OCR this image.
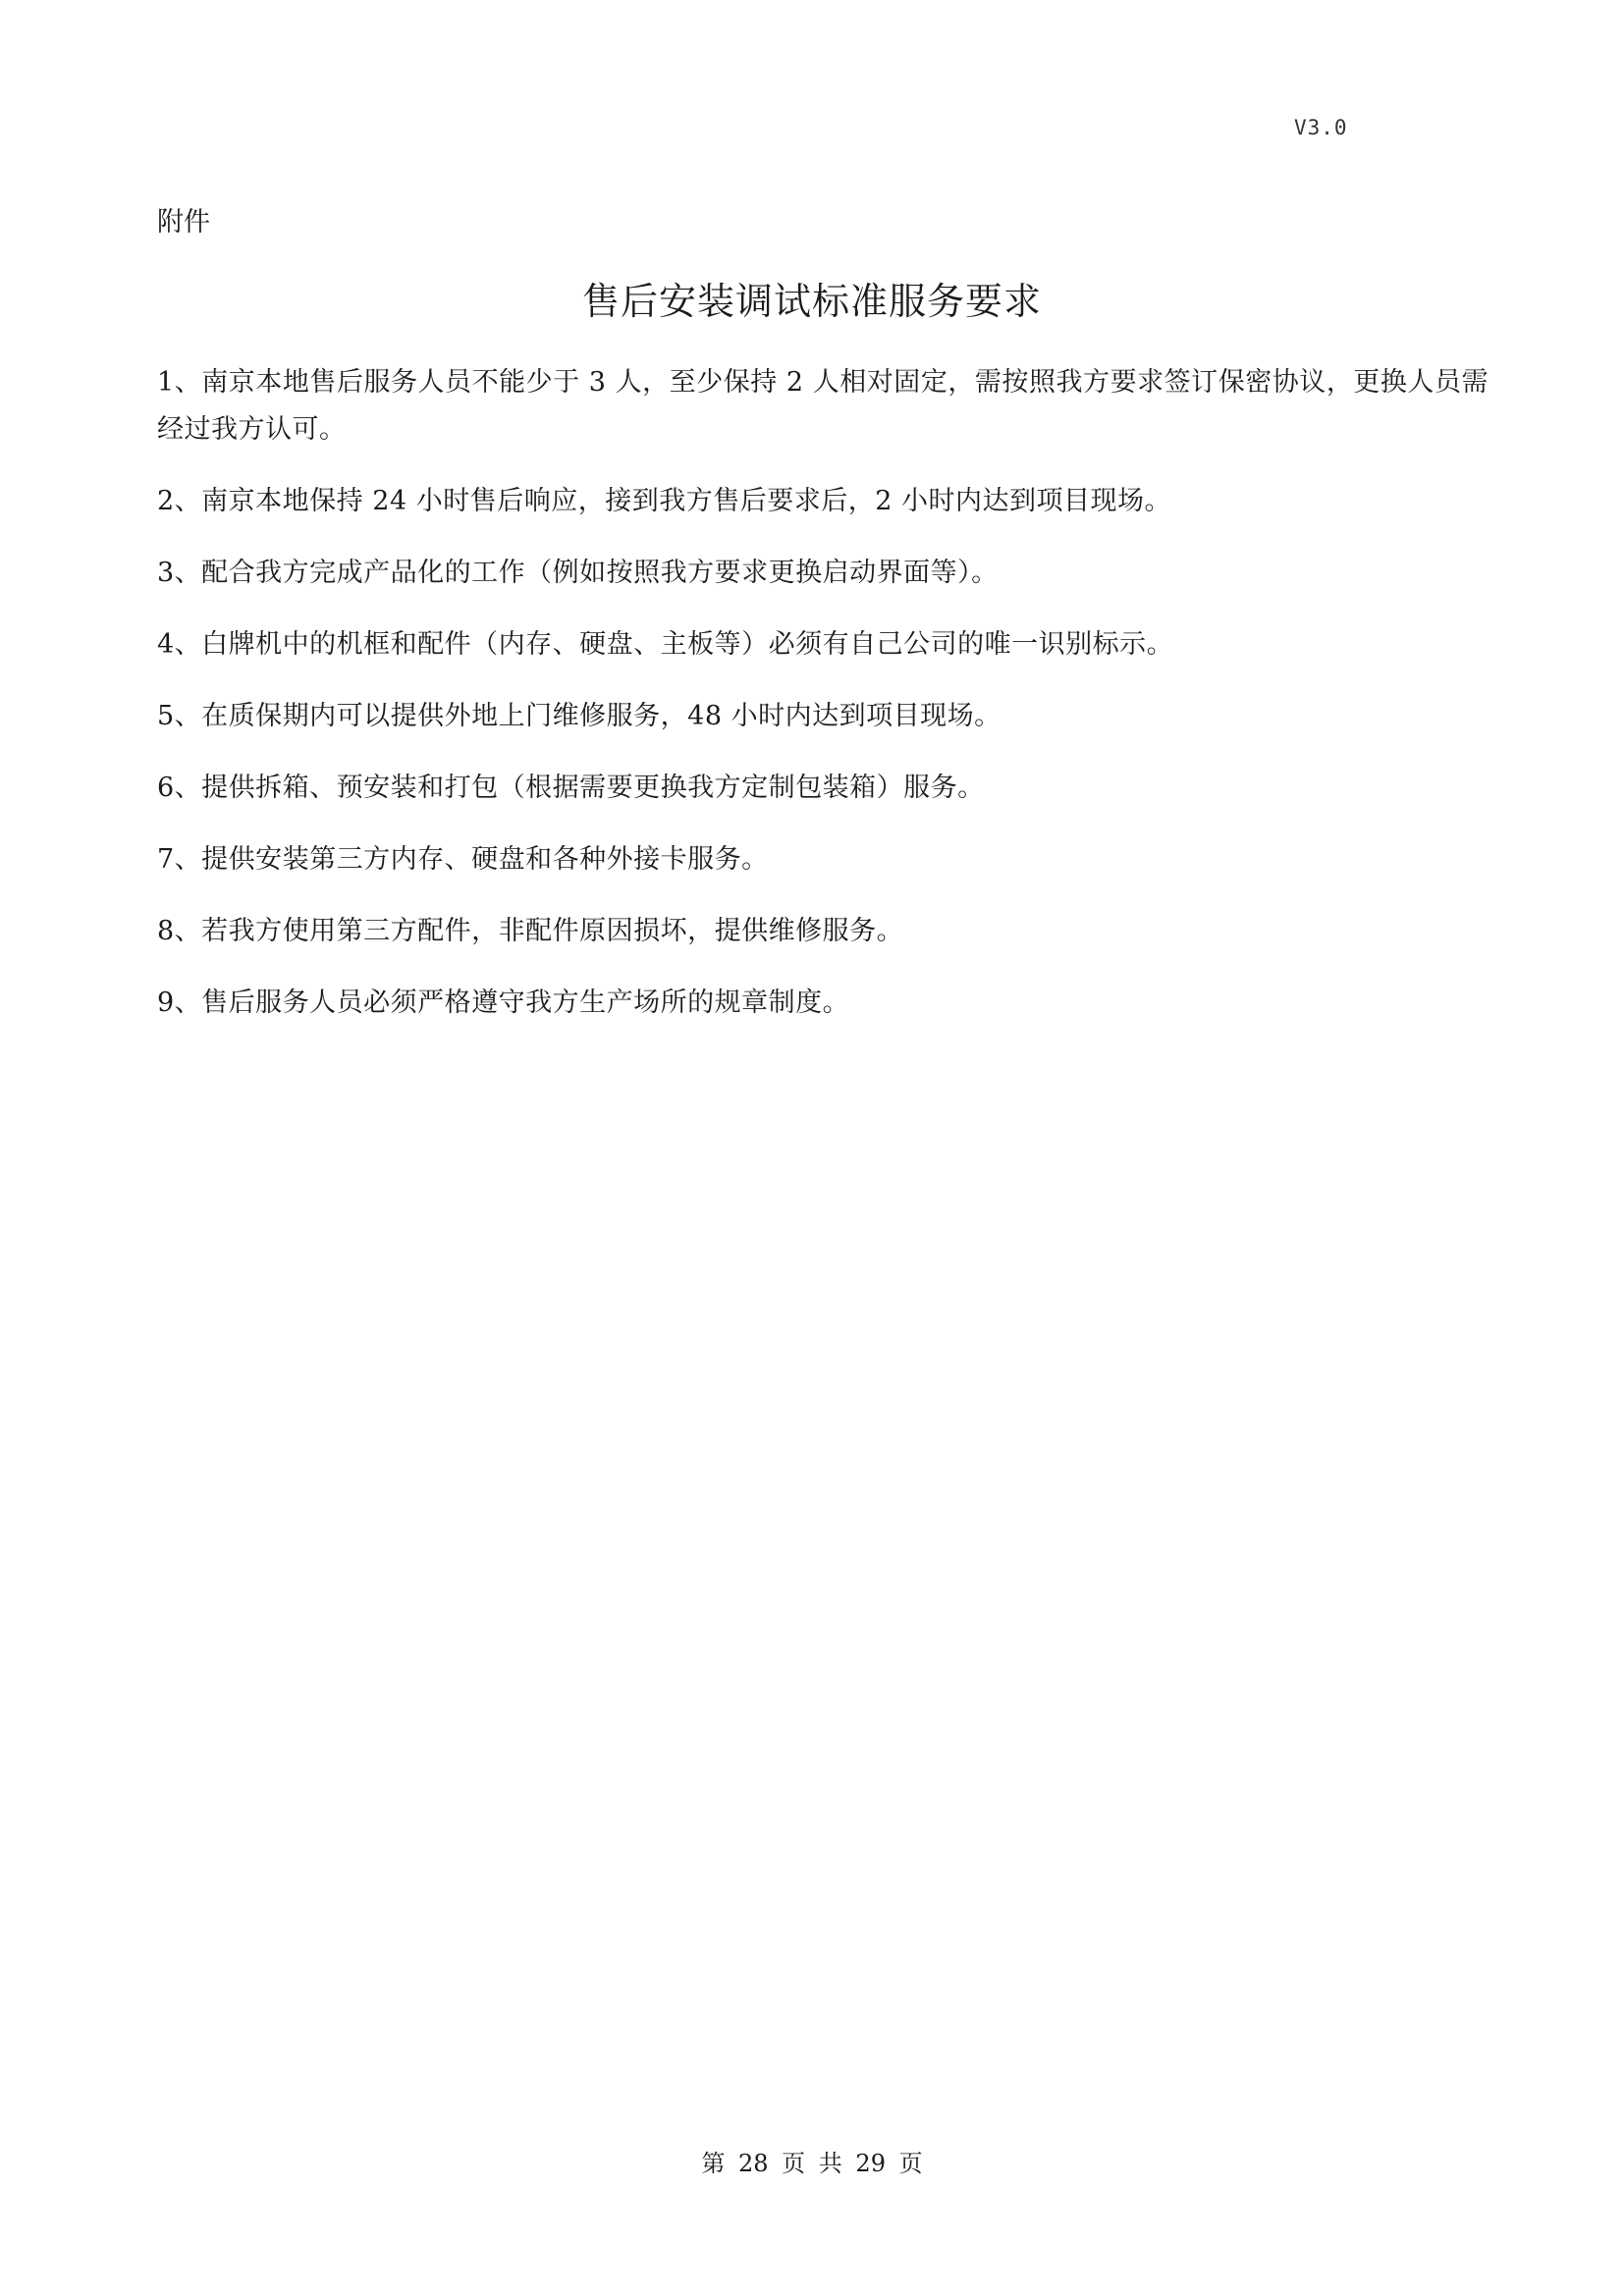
V3.0
附件
售后安装调试标准服务要求
1、南京本地售后服务人员不能少于 3 人，至少保持 2 人相对固定，需按照我方要求签订保密协议，更换人员需经过我方认可。
2、南京本地保持 24 小时售后响应，接到我方售后要求后，2 小时内达到项目现场。
3、配合我方完成产品化的工作（例如按照我方要求更换启动界面等）。
4、白牌机中的机框和配件（内存、硬盘、主板等）必须有自己公司的唯一识别标示。
5、在质保期内可以提供外地上门维修服务，48 小时内达到项目现场。
6、提供拆箱、预安装和打包（根据需要更换我方定制包装箱）服务。
7、提供安装第三方内存、硬盘和各种外接卡服务。
8、若我方使用第三方配件，非配件原因损坏，提供维修服务。
9、售后服务人员必须严格遵守我方生产场所的规章制度。
第 28 页 共 29 页
